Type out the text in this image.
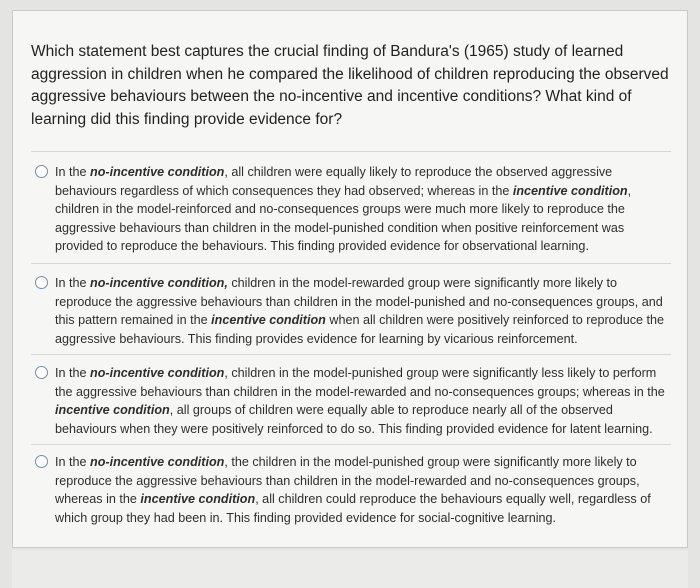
Which statement best captures the crucial finding of Bandura's (1965) study of learned aggression in children when he compared the likelihood of children reproducing the observed aggressive behaviours between the no-incentive and incentive conditions? What kind of learning did this finding provide evidence for?
In the no-incentive condition, all children were equally likely to reproduce the observed aggressive behaviours regardless of which consequences they had observed; whereas in the incentive condition, children in the model-reinforced and no-consequences groups were much more likely to reproduce the aggressive behaviours than children in the model-punished condition when positive reinforcement was provided to reproduce the behaviours. This finding provided evidence for observational learning.
In the no-incentive condition, children in the model-rewarded group were significantly more likely to reproduce the aggressive behaviours than children in the model-punished and no-consequences groups, and this pattern remained in the incentive condition when all children were positively reinforced to reproduce the aggressive behaviours. This finding provides evidence for learning by vicarious reinforcement.
In the no-incentive condition, children in the model-punished group were significantly less likely to perform the aggressive behaviours than children in the model-rewarded and no-consequences groups; whereas in the incentive condition, all groups of children were equally able to reproduce nearly all of the observed behaviours when they were positively reinforced to do so. This finding provided evidence for latent learning.
In the no-incentive condition, the children in the model-punished group were significantly more likely to reproduce the aggressive behaviours than children in the model-rewarded and no-consequences groups, whereas in the incentive condition, all children could reproduce the behaviours equally well, regardless of which group they had been in. This finding provided evidence for social-cognitive learning.
